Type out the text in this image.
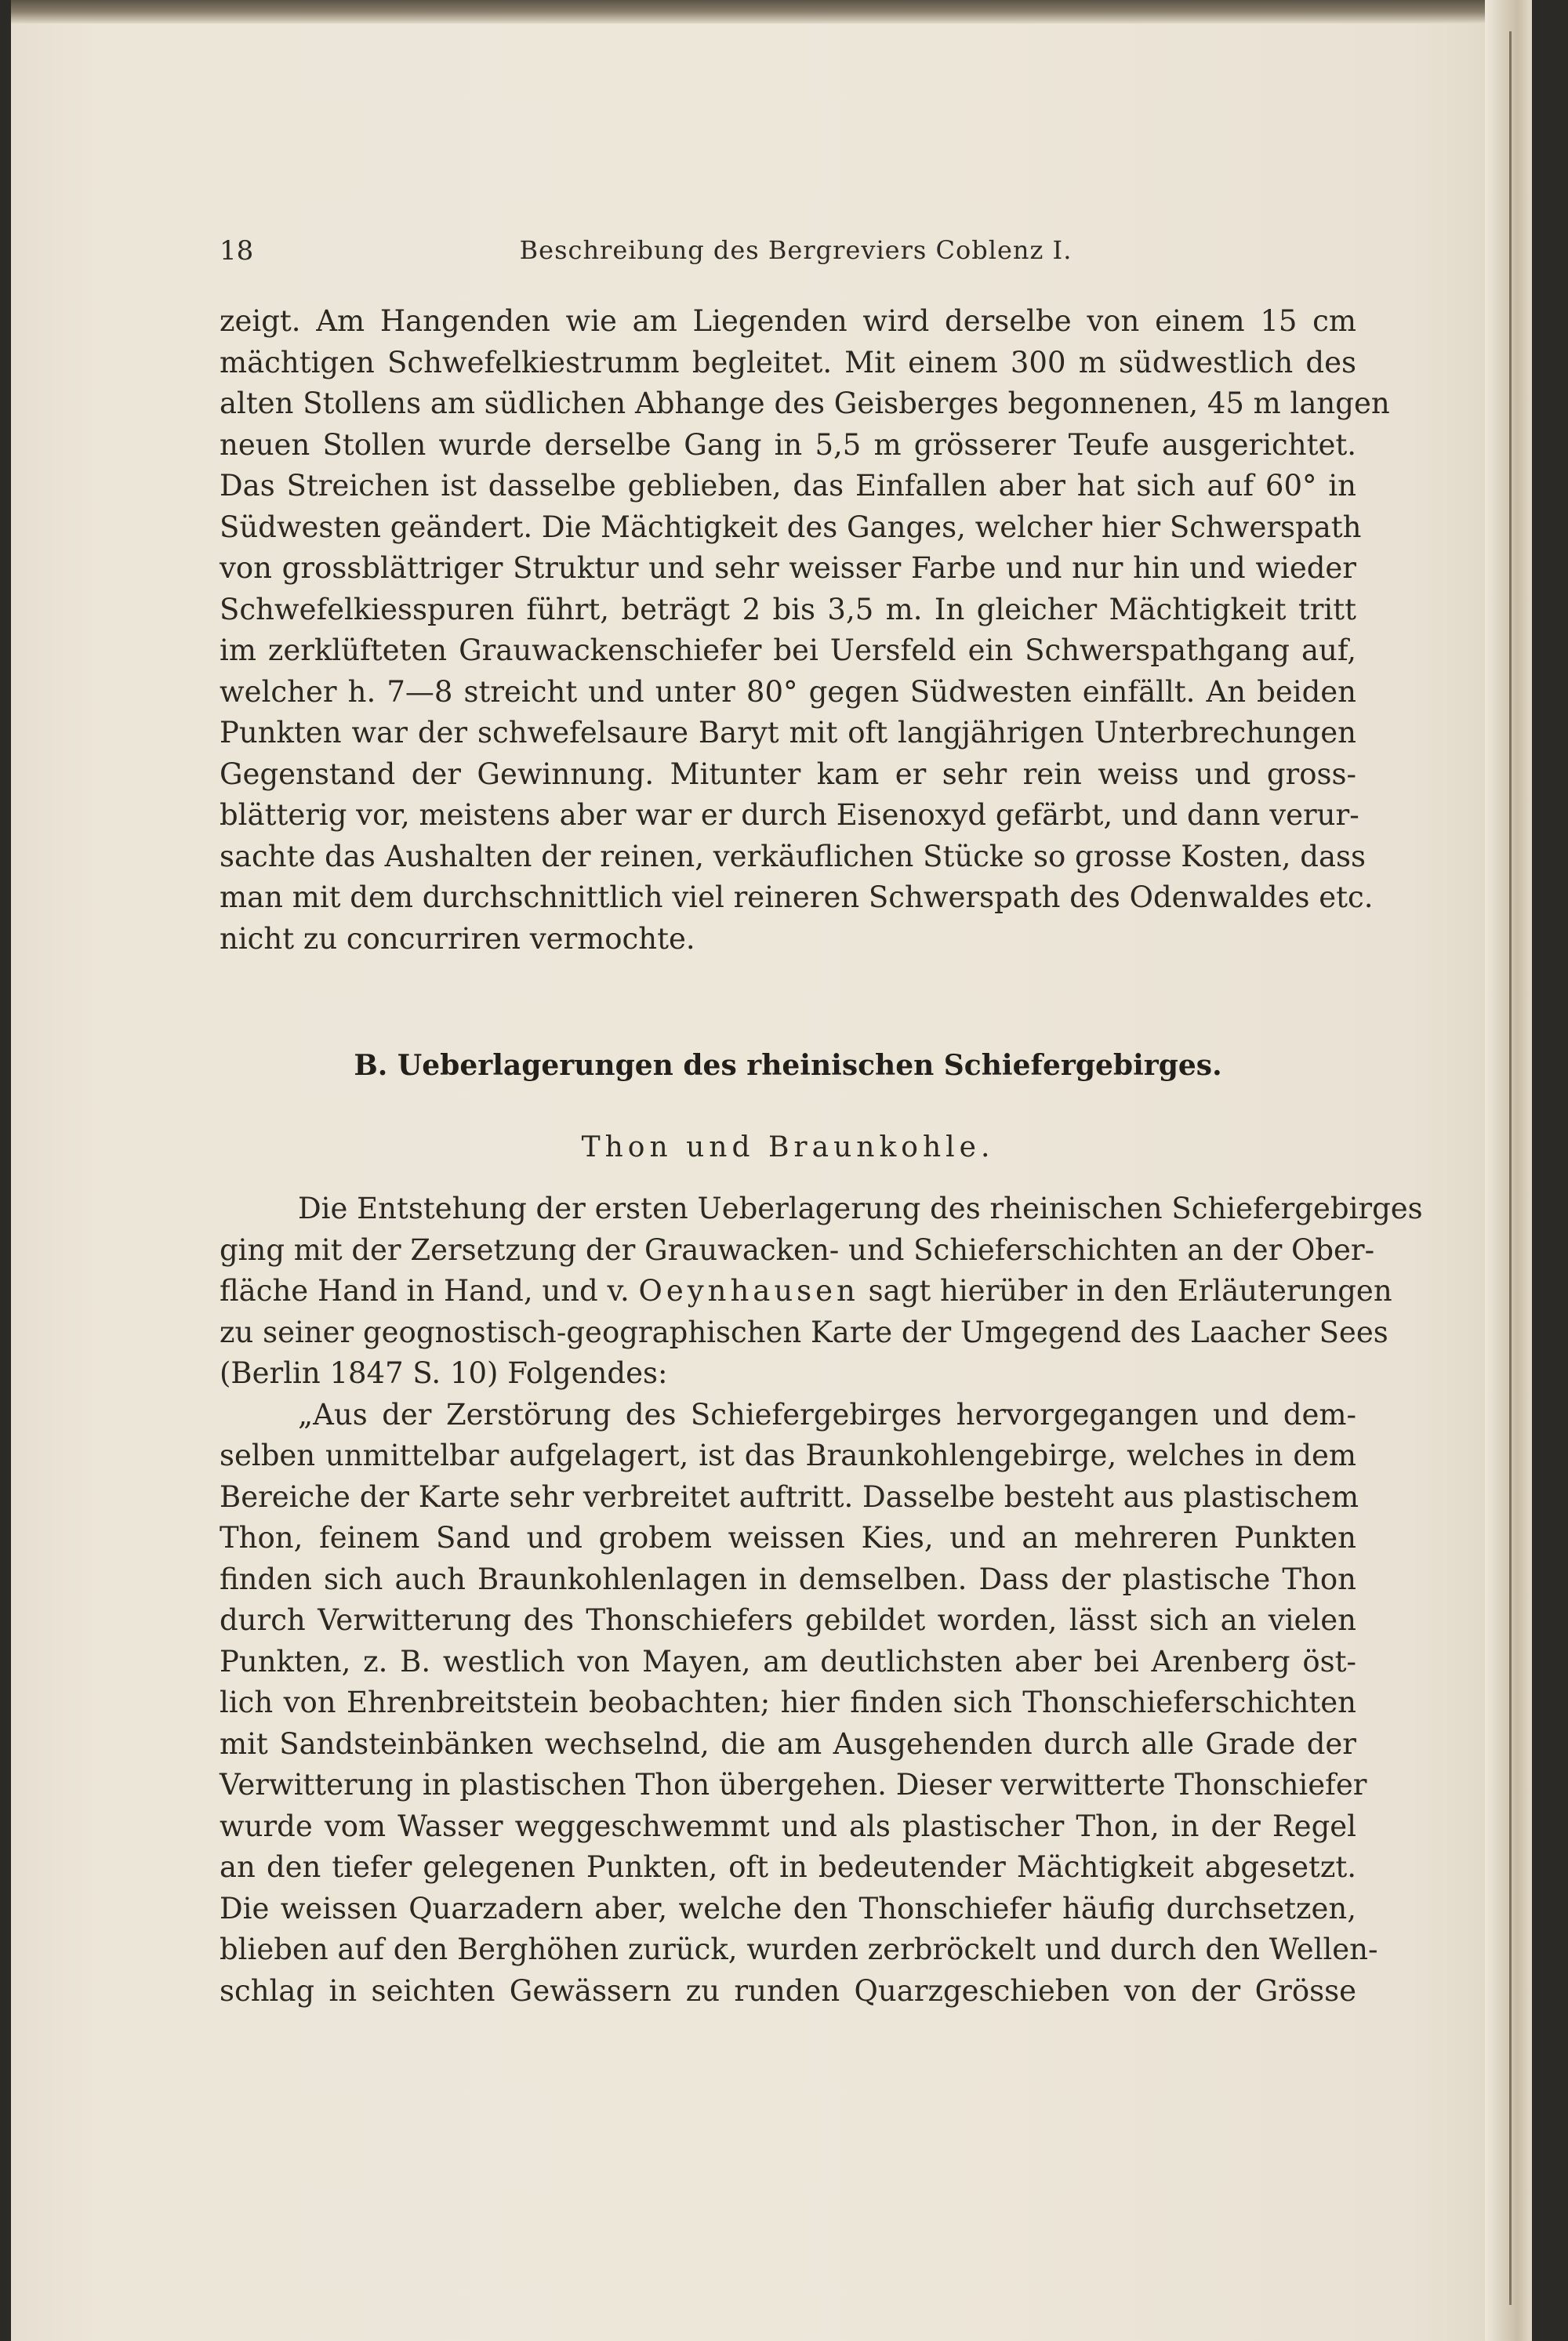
18	Beschreibung des Bergreviers Coblenz I.
zeigt. Am Hangenden wie am Liegenden wird derselbe von einem 15 cm
mächtigen Schwefelkiestrumm begleitet. Mit einem 300 m südwestlich des
alten Stollens am südlichen Abhange des Geisberges begonnenen, 45 m langen
neuen Stollen wurde derselbe Gang in 5,5 m grösserer Teufe ausgerichtet.
Das Streichen ist dasselbe geblieben, das Einfallen aber hat sich auf 60° in
Südwesten geändert. Die Mächtigkeit des Ganges, welcher hier Schwerspath
von grossblättriger Struktur und sehr weisser Farbe und nur hin und wieder
Schwefelkiesspuren führt, beträgt 2 bis 3,5 m. In gleicher Mächtigkeit tritt
im zerklüfteten Grauwackenschiefer bei Uersfeld ein Schwerspathgang auf,
welcher h. 7—8 streicht und unter 80° gegen Südwesten einfällt. An beiden
Punkten war der schwefelsaure Baryt mit oft langjährigen Unterbrechungen
Gegenstand der Gewinnung. Mitunter kam er sehr rein weiss und gross-
blätterig vor, meistens aber war er durch Eisenoxyd gefärbt, und dann verur-
sachte das Aushalten der reinen, verkäuflichen Stücke so grosse Kosten, dass
man mit dem durchschnittlich viel reineren Schwerspath des Odenwaldes etc.
nicht zu concurriren vermochte.
B. Ueberlagerungen des rheinischen Schiefergebirges.
Thon und Braunkohle.
Die Entstehung der ersten Ueberlagerung des rheinischen Schiefergebirges
ging mit der Zersetzung der Grauwacken- und Schieferschichten an der Ober-
fläche Hand in Hand, und v. Oeynhausen sagt hierüber in den Erläuterungen
zu seiner geognostisch-geographischen Karte der Umgegend des Laacher Sees
(Berlin 1847 S. 10) Folgendes:
„Aus der Zerstörung des Schiefergebirges hervorgegangen und dem-
selben unmittelbar aufgelagert, ist das Braunkohlengebirge, welches in dem
Bereiche der Karte sehr verbreitet auftritt. Dasselbe besteht aus plastischem
Thon, feinem Sand und grobem weissen Kies, und an mehreren Punkten
finden sich auch Braunkohlenlagen in demselben. Dass der plastische Thon
durch Verwitterung des Thonschiefers gebildet worden, lässt sich an vielen
Punkten, z. B. westlich von Mayen, am deutlichsten aber bei Arenberg öst-
lich von Ehrenbreitstein beobachten; hier finden sich Thonschieferschichten
mit Sandsteinbänken wechselnd, die am Ausgehenden durch alle Grade der
Verwitterung in plastischen Thon übergehen. Dieser verwitterte Thonschiefer
wurde vom Wasser weggeschwemmt und als plastischer Thon, in der Regel
an den tiefer gelegenen Punkten, oft in bedeutender Mächtigkeit abgesetzt.
Die weissen Quarzadern aber, welche den Thonschiefer häufig durchsetzen,
blieben auf den Berghöhen zurück, wurden zerbröckelt und durch den Wellen-
schlag in seichten Gewässern zu runden Quarzgeschieben von der Grösse
